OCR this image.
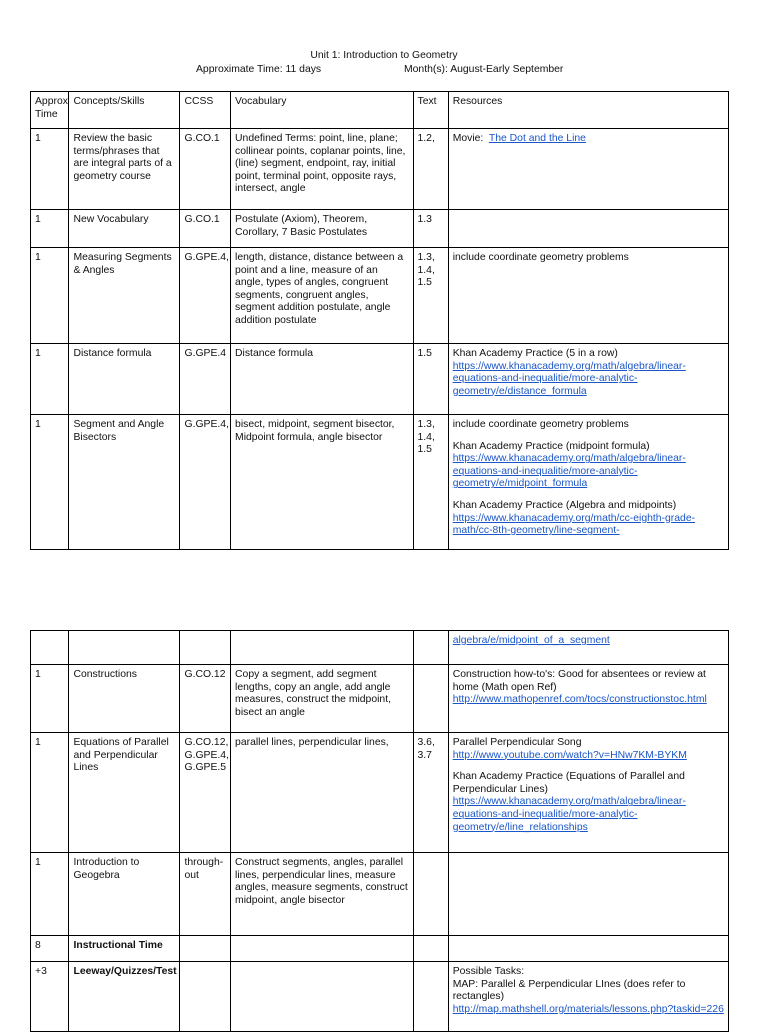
Unit 1: Introduction to Geometry
Approximate Time: 11 days	Month(s): August-Early September
Approx Time	Concepts/Skills	CCSS	Vocabulary	Text	Resources
1	Review the basic terms/phrases that are integral parts of a geometry course	G.CO.1	Undefined Terms: point, line, plane; collinear points, coplanar points, line, (line) segment, endpoint, ray, initial point, terminal point, opposite rays, intersect, angle	1.2,	Movie:  The Dot and the Line
1	New Vocabulary	G.CO.1	Postulate (Axiom), Theorem, Corollary, 7 Basic Postulates	1.3	
1	Measuring Segments & Angles	G.GPE.4,	length, distance, distance between a point and a line, measure of an angle, types of angles, congruent segments, congruent angles, segment addition postulate, angle addition postulate	1.3, 1.4, 1.5	include coordinate geometry problems
1	Distance formula	G.GPE.4	Distance formula	1.5	Khan Academy Practice (5 in a row)

https://www.khanacademy.org/math/algebra/linear-equations-and-inequalitie/more-analytic-geometry/e/distance_formula
1	Segment and Angle Bisectors	G.GPE.4,	bisect, midpoint, segment bisector, Midpoint formula, angle bisector	1.3, 1.4, 1.5	include coordinate geometry problems

Khan Academy Practice (midpoint formula)

https://www.khanacademy.org/math/algebra/linear-equations-and-inequalitie/more-analytic-geometry/e/midpoint_formula

Khan Academy Practice (Algebra and midpoints)

https://www.khanacademy.org/math/cc-eighth-grade-math/cc-8th-geometry/line-segment-
					algebra/e/midpoint_of_a_segment
1	Constructions	G.CO.12	Copy a segment, add segment lengths, copy an angle, add angle measures, construct the midpoint, bisect an angle		Construction how-to's: Good for absentees or review at home (Math open Ref)

http://www.mathopenref.com/tocs/constructionstoc.html
1	Equations of Parallel and Perpendicular Lines	G.CO.12, G.GPE.4, G.GPE.5	parallel lines, perpendicular lines,	3.6, 3.7	Parallel Perpendicular Song

http://www.youtube.com/watch?v=HNw7KM-BYKM

Khan Academy Practice (Equations of Parallel and Perpendicular Lines)

https://www.khanacademy.org/math/algebra/linear-equations-and-inequalitie/more-analytic-geometry/e/line_relationships
1	Introduction to Geogebra	through-out	Construct segments, angles, parallel lines, perpendicular lines, measure angles, measure segments, construct midpoint, angle bisector		
8	Instructional Time				
+3	Leeway/Quizzes/Test				Possible Tasks:

MAP: Parallel & Perpendicular LInes (does refer to rectangles)

http://map.mathshell.org/materials/lessons.php?taskid=226
